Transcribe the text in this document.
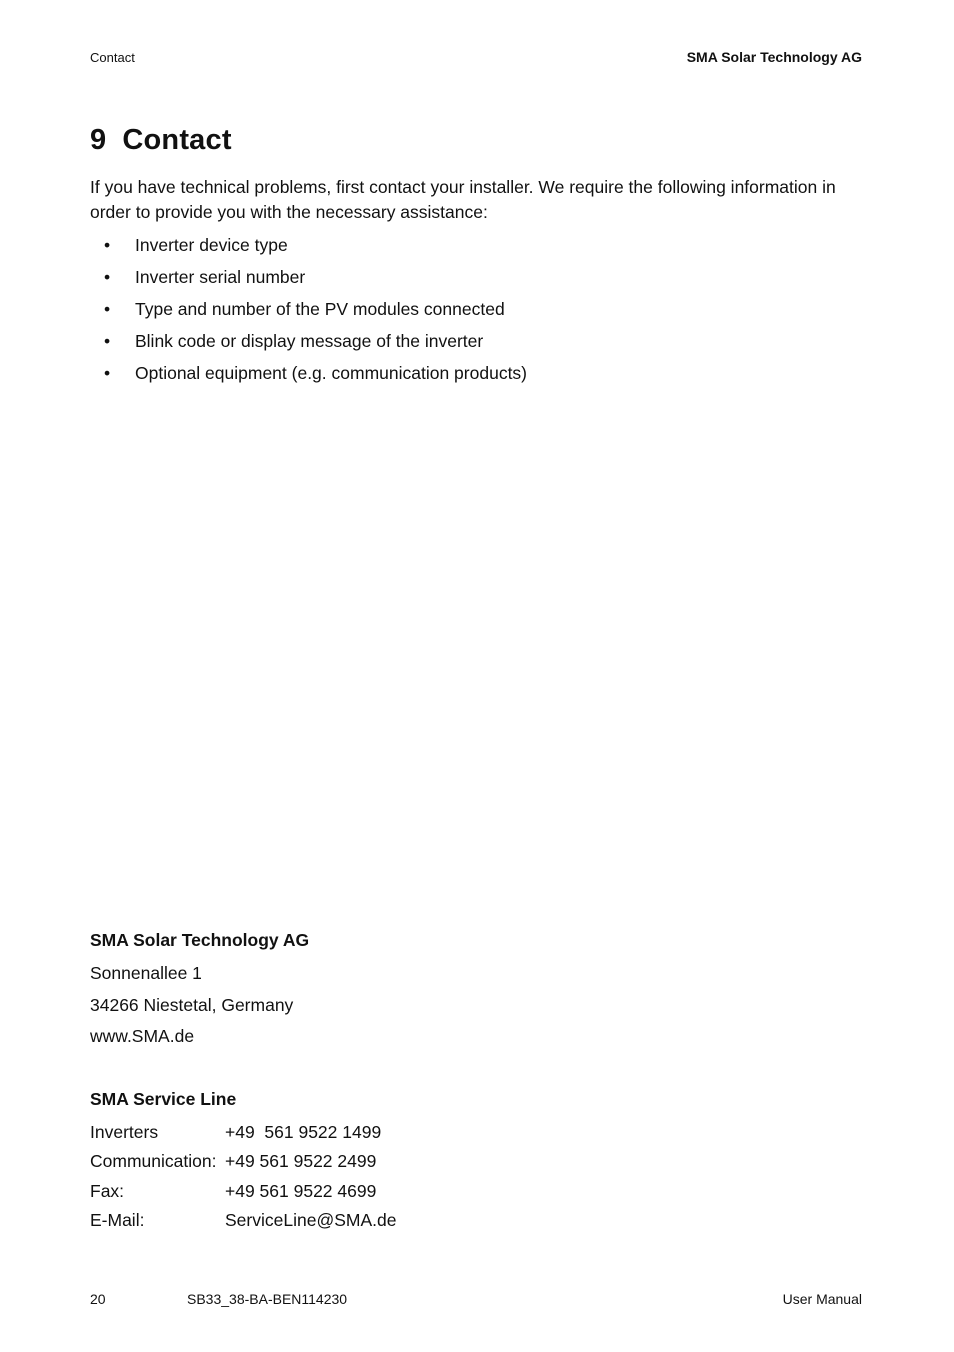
Contact	SMA Solar Technology AG
9 Contact

If you have technical problems, first contact your installer. We require the following information in order to provide you with the necessary assistance:

• Inverter device type
• Inverter serial number
• Type and number of the PV modules connected
• Blink code or display message of the inverter
• Optional equipment (e.g. communication products)
SMA Solar Technology AG
Sonnenallee 1
34266 Niestetal, Germany
www.SMA.de
SMA Service Line
Inverters	+49  561 9522 1499
Communication: +49 561 9522 2499
Fax:	+49 561 9522 4699
E-Mail:	ServiceLine@SMA.de
20	SB33_38-BA-BEN114230	User Manual
